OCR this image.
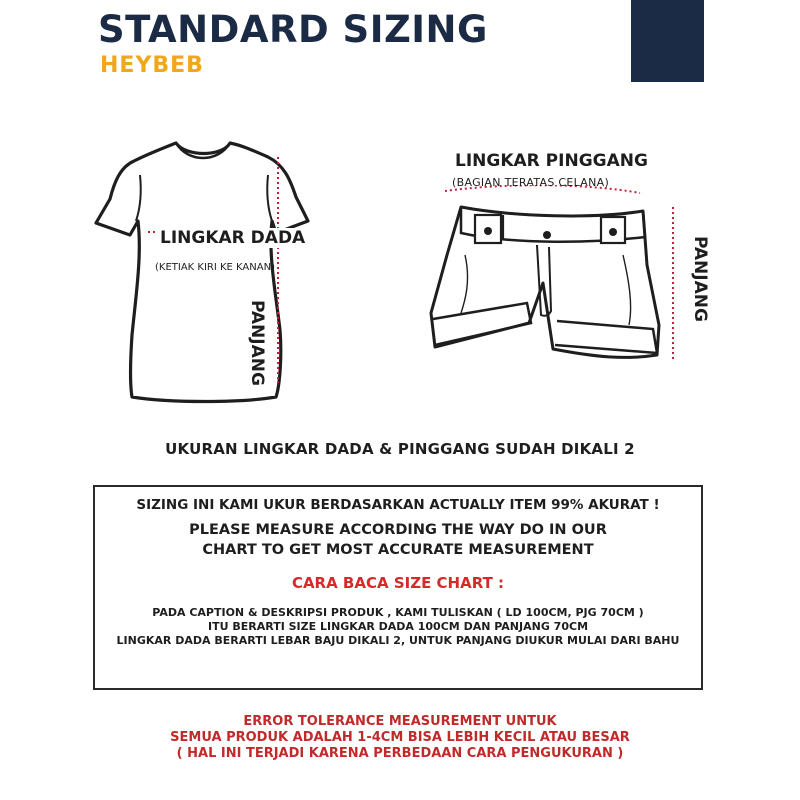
STANDARD SIZING
HEYBEB
LINGKAR DADA
(KETIAK KIRI KE KANAN)
PANJANG
LINGKAR PINGGANG
(BAGIAN TERATAS CELANA)
PANJANG
UKURAN LINGKAR DADA & PINGGANG SUDAH DIKALI 2
SIZING INI KAMI UKUR BERDASARKAN ACTUALLY ITEM 99% AKURAT !
PLEASE MEASURE ACCORDING THE WAY DO IN OUR
CHART TO GET MOST ACCURATE MEASUREMENT
CARA BACA SIZE CHART :
PADA CAPTION & DESKRIPSI PRODUK , KAMI TULISKAN ( LD 100CM, PJG 70CM )
ITU BERARTI SIZE LINGKAR DADA 100CM DAN PANJANG 70CM
LINGKAR DADA BERARTI LEBAR BAJU DIKALI 2, UNTUK PANJANG DIUKUR MULAI DARI BAHU
ERROR TOLERANCE MEASUREMENT UNTUK
SEMUA PRODUK ADALAH 1-4CM BISA LEBIH KECIL ATAU BESAR
( HAL INI TERJADI KARENA PERBEDAAN CARA PENGUKURAN )
